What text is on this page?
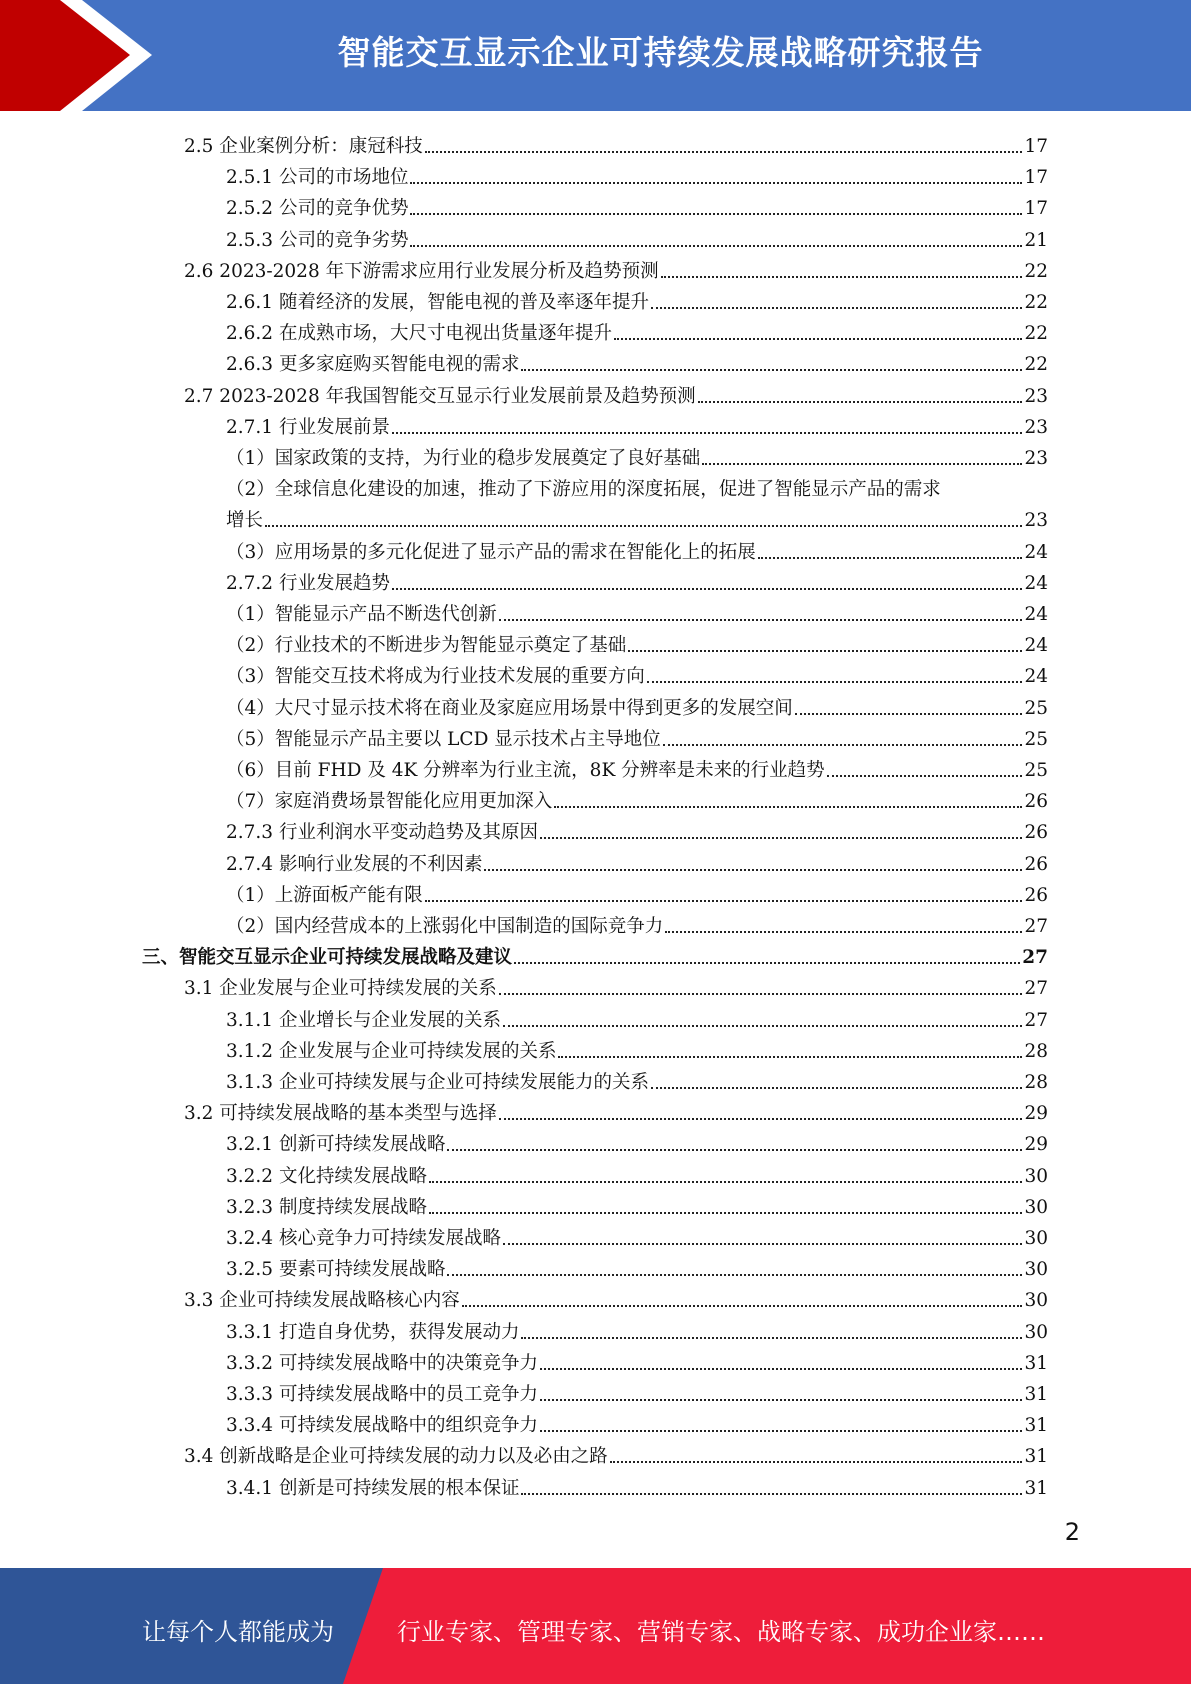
智能交互显示企业可持续发展战略研究报告
2.5 企业案例分析：康冠科技	17
2.5.1 公司的市场地位	17
2.5.2 公司的竞争优势	17
2.5.3 公司的竞争劣势	21
2.6 2023-2028 年下游需求应用行业发展分析及趋势预测	22
2.6.1 随着经济的发展，智能电视的普及率逐年提升	22
2.6.2 在成熟市场，大尺寸电视出货量逐年提升	22
2.6.3 更多家庭购买智能电视的需求	22
2.7 2023-2028 年我国智能交互显示行业发展前景及趋势预测	23
2.7.1 行业发展前景	23
（1）国家政策的支持，为行业的稳步发展奠定了良好基础	23
（2）全球信息化建设的加速，推动了下游应用的深度拓展，促进了智能显示产品的需求
增长	23
（3）应用场景的多元化促进了显示产品的需求在智能化上的拓展	24
2.7.2 行业发展趋势	24
（1）智能显示产品不断迭代创新	24
（2）行业技术的不断进步为智能显示奠定了基础	24
（3）智能交互技术将成为行业技术发展的重要方向	24
（4）大尺寸显示技术将在商业及家庭应用场景中得到更多的发展空间	25
（5）智能显示产品主要以 LCD 显示技术占主导地位	25
（6）目前 FHD 及 4K 分辨率为行业主流，8K 分辨率是未来的行业趋势	25
（7）家庭消费场景智能化应用更加深入	26
2.7.3 行业利润水平变动趋势及其原因	26
2.7.4 影响行业发展的不利因素	26
（1）上游面板产能有限	26
（2）国内经营成本的上涨弱化中国制造的国际竞争力	27
三、智能交互显示企业可持续发展战略及建议	27
3.1 企业发展与企业可持续发展的关系	27
3.1.1 企业增长与企业发展的关系	27
3.1.2 企业发展与企业可持续发展的关系	28
3.1.3 企业可持续发展与企业可持续发展能力的关系	28
3.2 可持续发展战略的基本类型与选择	29
3.2.1 创新可持续发展战略	29
3.2.2 文化持续发展战略	30
3.2.3 制度持续发展战略	30
3.2.4 核心竞争力可持续发展战略	30
3.2.5 要素可持续发展战略	30
3.3 企业可持续发展战略核心内容	30
3.3.1 打造自身优势，获得发展动力	30
3.3.2 可持续发展战略中的决策竞争力	31
3.3.3 可持续发展战略中的员工竞争力	31
3.3.4 可持续发展战略中的组织竞争力	31
3.4 创新战略是企业可持续发展的动力以及必由之路	31
3.4.1 创新是可持续发展的根本保证	31
2
让每个人都能成为	行业专家、管理专家、营销专家、战略专家、成功企业家……
